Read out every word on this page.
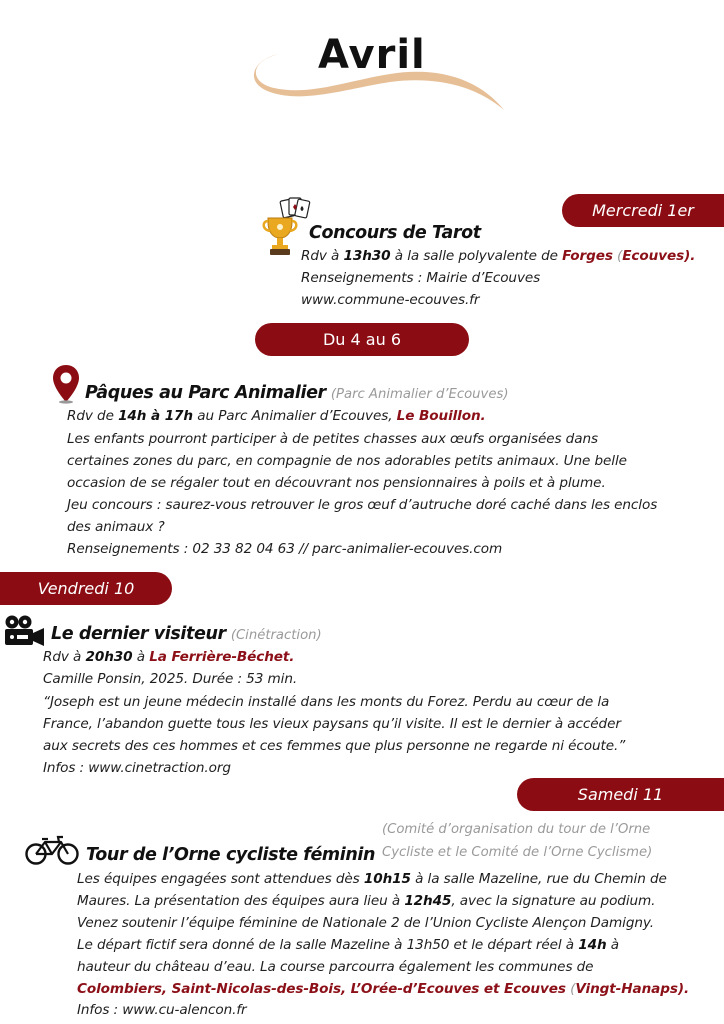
Avril
Mercredi 1er
Concours de Tarot
Rdv à 13h30 à la salle polyvalente de Forges (Ecouves).
Renseignements : Mairie d’Ecouves
www.commune-ecouves.fr
Du 4 au 6
Pâques au Parc Animalier (Parc Animalier d’Ecouves)
Rdv de 14h à 17h au Parc Animalier d’Ecouves, Le Bouillon.
Les enfants pourront participer à de petites chasses aux œufs organisées dans
certaines zones du parc, en compagnie de nos adorables petits animaux. Une belle
occasion de se régaler tout en découvrant nos pensionnaires à poils et à plume.
Jeu concours : saurez-vous retrouver le gros œuf d’autruche doré caché dans les enclos
des animaux ?
Renseignements : 02 33 82 04 63 // parc-animalier-ecouves.com
Vendredi 10
Le dernier visiteur (Cinétraction)
Rdv à 20h30 à La Ferrière-Béchet.
Camille Ponsin, 2025. Durée : 53 min.
“Joseph est un jeune médecin installé dans les monts du Forez. Perdu au cœur de la
France, l’abandon guette tous les vieux paysans qu’il visite. Il est le dernier à accéder
aux secrets des ces hommes et ces femmes que plus personne ne regarde ni écoute.”
Infos : www.cinetraction.org
Samedi 11
(Comité d’organisation du tour de l’Orne
Tour de l’Orne cycliste féminin Cycliste et le Comité de l’Orne Cyclisme)
Les équipes engagées sont attendues dès 10h15 à la salle Mazeline, rue du Chemin de
Maures. La présentation des équipes aura lieu à 12h45, avec la signature au podium.
Venez soutenir l’équipe féminine de Nationale 2 de l’Union Cycliste Alençon Damigny.
Le départ fictif sera donné de la salle Mazeline à 13h50 et le départ réel à 14h à
hauteur du château d’eau. La course parcourra également les communes de
Colombiers, Saint-Nicolas-des-Bois, L’Orée-d’Ecouves et Ecouves (Vingt-Hanaps).
Infos : www.cu-alencon.fr
